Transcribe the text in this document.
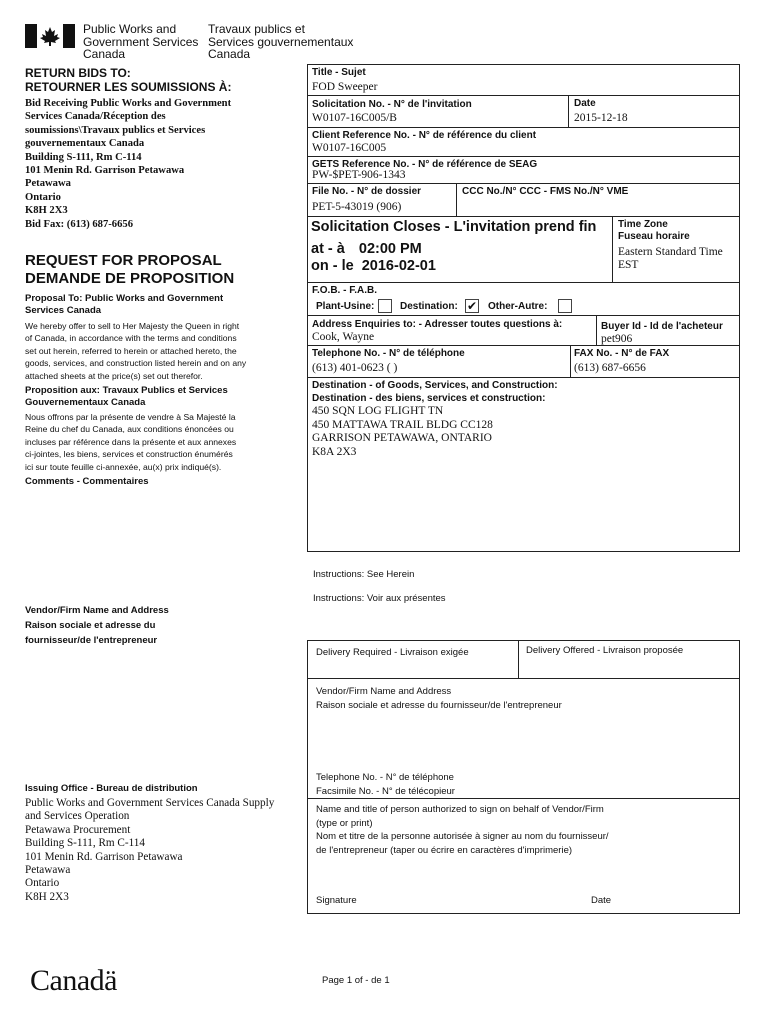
Public Works and
Government Services
Canada
Travaux publics et
Services gouvernementaux
Canada
RETURN BIDS TO:
RETOURNER LES SOUMISSIONS À:
Bid Receiving Public Works and Government
Services Canada/Réception des
soumissions\Travaux publics et Services
gouvernementaux Canada
Building S-111, Rm C-114
101 Menin Rd. Garrison Petawawa
Petawawa
Ontario
K8H 2X3
Bid Fax: (613) 687-6656
REQUEST FOR PROPOSAL
DEMANDE DE PROPOSITION
Proposal To: Public Works and Government
Services Canada
We hereby offer to sell to Her Majesty the Queen in right
of Canada, in accordance with the terms and conditions
set out herein, referred to herein or attached hereto, the
goods, services, and construction listed herein and on any
attached sheets at the price(s) set out therefor.
Proposition aux: Travaux Publics et Services
Gouvernementaux Canada
Nous offrons par la présente de vendre à Sa Majesté la
Reine du chef du Canada, aux conditions énoncées ou
incluses par référence dans la présente et aux annexes
ci-jointes, les biens, services et construction énumérés
ici sur toute feuille ci-annexée, au(x) prix indiqué(s).
Comments - Commentaires
Vendor/Firm Name and Address
Raison sociale et adresse du
fournisseur/de l'entrepreneur
Issuing Office - Bureau de distribution
Public Works and Government Services Canada Supply
and Services Operation
Petawawa Procurement
Building S-111, Rm C-114
101 Menin Rd. Garrison Petawawa
Petawawa
Ontario
K8H 2X3
Title - Sujet
FOD Sweeper
Solicitation No. - N° de l'invitation
W0107-16C005/B
Date
2015-12-18
Client Reference No. - N° de référence du client
W0107-16C005
GETS Reference No. - N° de référence de SEAG
PW-$PET-906-1343
File No. - N° de dossier
PET-5-43019 (906)
CCC No./N° CCC - FMS No./N° VME
Solicitation Closes - L'invitation prend fin
at - à 02:00 PM
on - le 2016-02-01
Time Zone
Fuseau horaire
Eastern Standard Time
EST
F.O.B. - F.A.B.
Plant-Usine:	Destination: ✔ Other-Autre:
Address Enquiries to: - Adresser toutes questions à:
Cook, Wayne
Buyer Id - Id de l'acheteur
pet906
Telephone No. - N° de téléphone
(613) 401-0623 ( )
FAX No. - N° de FAX
(613) 687-6656
Destination - of Goods, Services, and Construction:
Destination - des biens, services et construction:
450 SQN LOG FLIGHT TN
450 MATTAWA TRAIL BLDG CC128
GARRISON PETAWAWA, ONTARIO
K8A 2X3
Instructions: See Herein
Instructions: Voir aux présentes
Delivery Required - Livraison exigée	Delivery Offered - Livraison proposée
Vendor/Firm Name and Address
Raison sociale et adresse du fournisseur/de l'entrepreneur
Telephone No. - N° de téléphone
Facsimile No. - N° de télécopieur
Name and title of person authorized to sign on behalf of Vendor/Firm
(type or print)
Nom et titre de la personne autorisée à signer au nom du fournisseur/
de l'entrepreneur (taper ou écrire en caractères d'imprimerie)
Signature	Date
Canadä	Page 1 of - de 1
